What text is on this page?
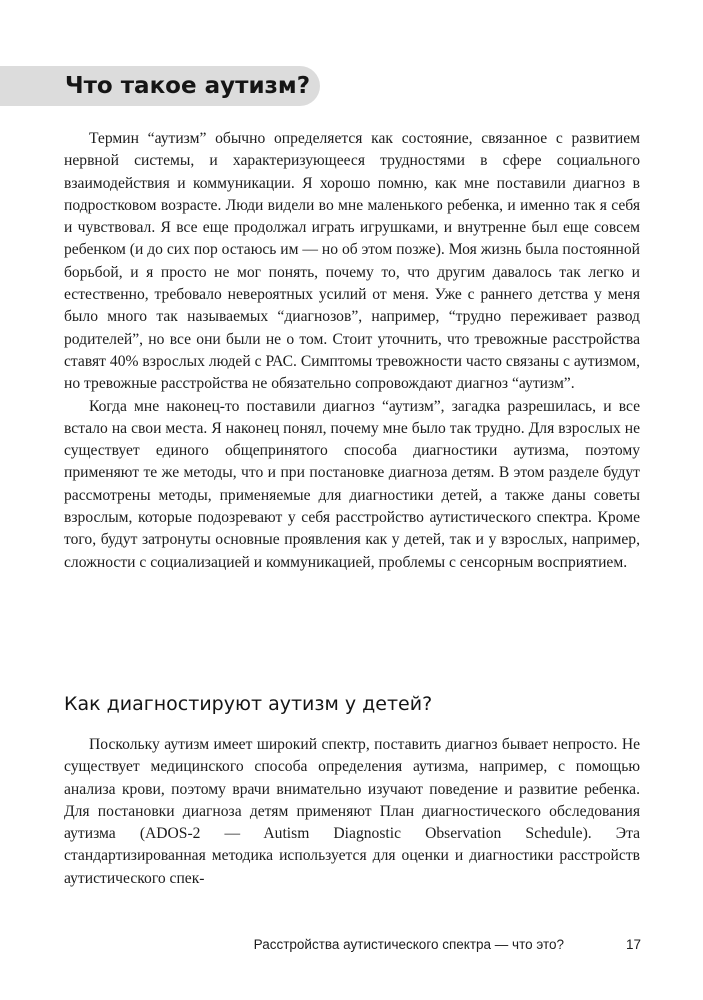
Что такое аутизм?

Термин “аутизм” обычно определяется как состояние, связанное с развитием нервной системы, и характеризующееся трудностями в сфере социального взаимодействия и коммуникации. Я хорошо помню, как мне поставили диагноз в подростковом возрасте. Люди видели во мне маленького ребенка, и именно так я себя и чувствовал. Я все еще продолжал играть игрушками, и внутренне был еще совсем ребенком (и до сих пор остаюсь им — но об этом позже). Моя жизнь была постоянной борьбой, и я просто не мог понять, почему то, что другим давалось так легко и естественно, требовало невероятных усилий от меня. Уже с раннего детства у меня было много так называемых “диагнозов”, например, “трудно переживает развод родителей”, но все они были не о том. Стоит уточнить, что тревожные расстройства ставят 40% взрослых людей с РАС. Симптомы тревожности часто связаны с аутизмом, но тревожные расстройства не обязательно сопровождают диагноз “аутизм”.

Когда мне наконец-то поставили диагноз “аутизм”, загадка разрешилась, и все встало на свои места. Я наконец понял, почему мне было так трудно. Для взрослых не существует единого общепринятого способа диагностики аутизма, поэтому применяют те же методы, что и при постановке диагноза детям. В этом разделе будут рассмотрены методы, применяемые для диагностики детей, а также даны советы взрослым, которые подозревают у себя расстройство аутистического спектра. Кроме того, будут затронуты основные проявления как у детей, так и у взрослых, например, сложности с социализацией и коммуникацией, проблемы с сенсорным восприятием.

Как диагностируют аутизм у детей?

Поскольку аутизм имеет широкий спектр, поставить диагноз бывает непросто. Не существует медицинского способа определения аутизма, например, с помощью анализа крови, поэтому врачи внимательно изучают поведение и развитие ребенка. Для постановки диагноза детям применяют План диагностического обследования аутизма (ADOS-2 — Autism Diagnostic Observation Schedule). Эта стандартизированная методика используется для оценки и диагностики расстройств аутистического спек-

Расстройства аутистического спектра — что это?	17
